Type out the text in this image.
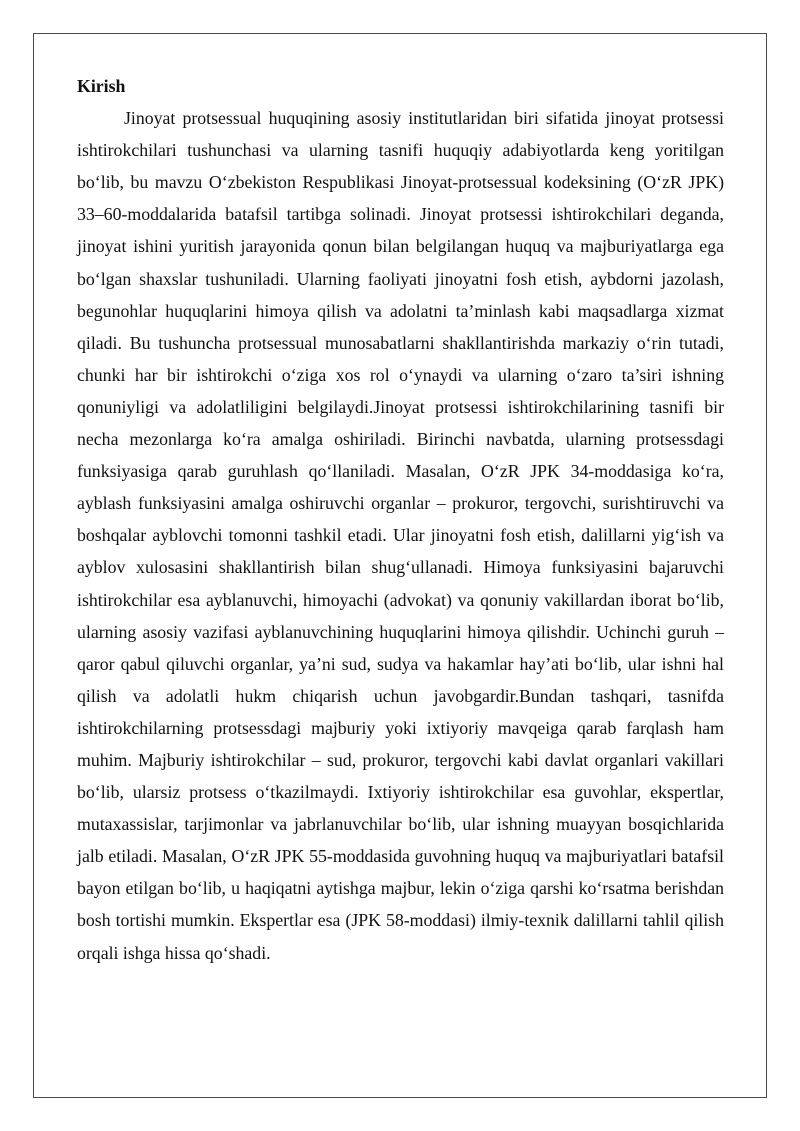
Kirish

Jinoyat protsessual huquqining asosiy institutlaridan biri sifatida jinoyat protsessi ishtirokchilari tushunchasi va ularning tasnifi huquqiy adabiyotlarda keng yoritilgan bo‘lib, bu mavzu O‘zbekiston Respublikasi Jinoyat-protsessual kodeksining (O‘zR JPK) 33–60-moddalarida batafsil tartibga solinadi. Jinoyat protsessi ishtirokchilari deganda, jinoyat ishini yuritish jarayonida qonun bilan belgilangan huquq va majburiyatlarga ega bo‘lgan shaxslar tushuniladi. Ularning faoliyati jinoyatni fosh etish, aybdorni jazolash, begunohlar huquqlarini himoya qilish va adolatni ta’minlash kabi maqsadlarga xizmat qiladi. Bu tushuncha protsessual munosabatlarni shakllantirishda markaziy o‘rin tutadi, chunki har bir ishtirokchi o‘ziga xos rol o‘ynaydi va ularning o‘zaro ta’siri ishning qonuniyligi va adolatliligini belgilaydi.Jinoyat protsessi ishtirokchilarining tasnifi bir necha mezonlarga ko‘ra amalga oshiriladi. Birinchi navbatda, ularning protsessdagi funksiyasiga qarab guruhlash qo‘llaniladi. Masalan, O‘zR JPK 34-moddasiga ko‘ra, ayblash funksiyasini amalga oshiruvchi organlar – prokuror, tergovchi, surishtiruvchi va boshqalar ayblovchi tomonni tashkil etadi. Ular jinoyatni fosh etish, dalillarni yig‘ish va ayblov xulosasini shakllantirish bilan shug‘ullanadi. Himoya funksiyasini bajaruvchi ishtirokchilar esa ayblanuvchi, himoyachi (advokat) va qonuniy vakillardan iborat bo‘lib, ularning asosiy vazifasi ayblanuvchining huquqlarini himoya qilishdir. Uchinchi guruh – qaror qabul qiluvchi organlar, ya’ni sud, sudya va hakamlar hay’ati bo‘lib, ular ishni hal qilish va adolatli hukm chiqarish uchun javobgardir.Bundan tashqari, tasnifda ishtirokchilarning protsessdagi majburiy yoki ixtiyoriy mavqeiga qarab farqlash ham muhim. Majburiy ishtirokchilar – sud, prokuror, tergovchi kabi davlat organlari vakillari bo‘lib, ularsiz protsess o‘tkazilmaydi. Ixtiyoriy ishtirokchilar esa guvohlar, ekspertlar, mutaxassislar, tarjimonlar va jabrlanuvchilar bo‘lib, ular ishning muayyan bosqichlarida jalb etiladi. Masalan, O‘zR JPK 55-moddasida guvohning huquq va majburiyatlari batafsil bayon etilgan bo‘lib, u haqiqatni aytishga majbur, lekin o‘ziga qarshi ko‘rsatma berishdan bosh tortishi mumkin. Ekspertlar esa (JPK 58-moddasi) ilmiy-texnik dalillarni tahlil qilish orqali ishga hissa qo‘shadi.
